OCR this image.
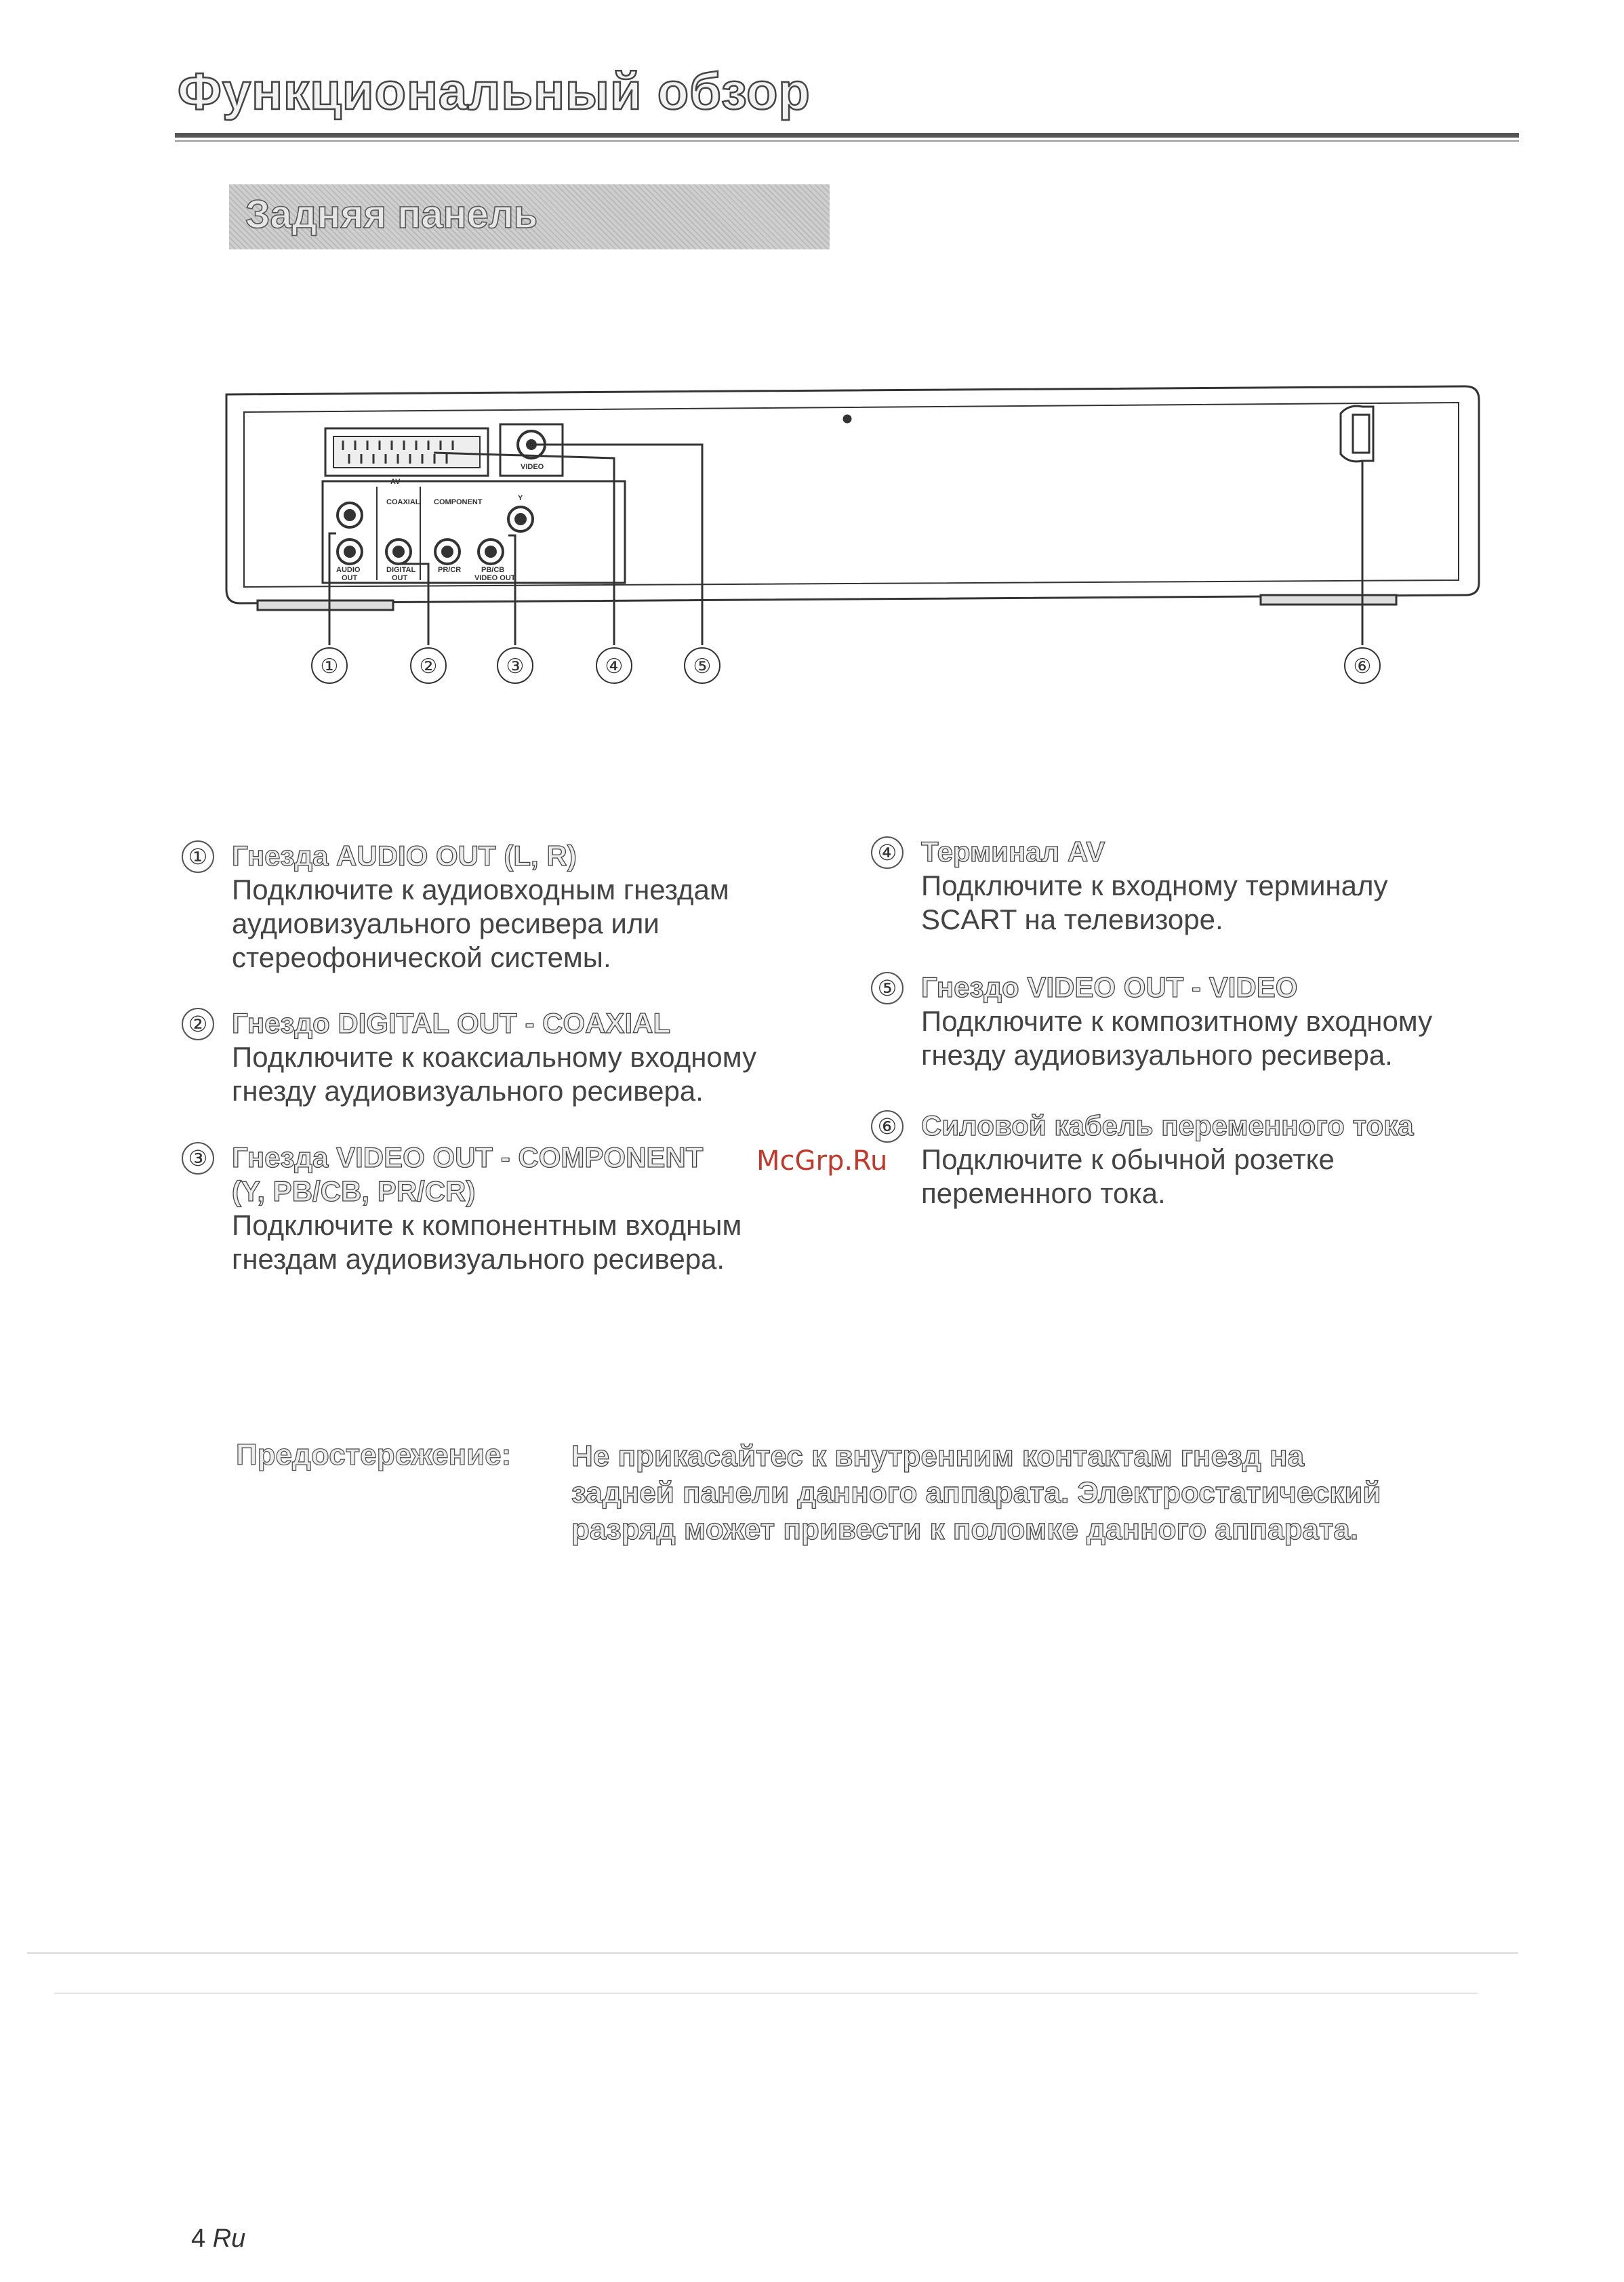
Функциональный обзор
Задняя панель
AV
COAXIAL COMPONENT	Y
VIDEO
AUDIO
OUT
DIGITAL
OUT
PR/CR	PB/CB
VIDEO OUT
①	②	③	④	⑤	⑥
① Гнезда AUDIO OUT (L, R)
Подключите к аудиовходным гнездам
аудиовизуального ресивера или
стереофонической системы.
② Гнездо DIGITAL OUT - COAXIAL
Подключите к коаксиальному входному
гнезду аудиовизуального ресивера.
③ Гнезда VIDEO OUT - COMPONENT
(Y, PB/CB, PR/CR)
Подключите к компонентным входным
гнездам аудиовизуального ресивера.
④ Терминал AV
Подключите к входному терминалу
SCART на телевизоре.
⑤ Гнездо VIDEO OUT - VIDEO
Подключите к композитному входному
гнезду аудиовизуального ресивера.
⑥ Силовой кабель переменного тока
Подключите к обычной розетке
переменного тока.
McGrp.Ru
Предостережение: Не прикасайтес к внутренним контактам гнезд на
задней панели данного аппарата. Электростатический
разряд может привести к поломке данного аппарата.
4 Ru
